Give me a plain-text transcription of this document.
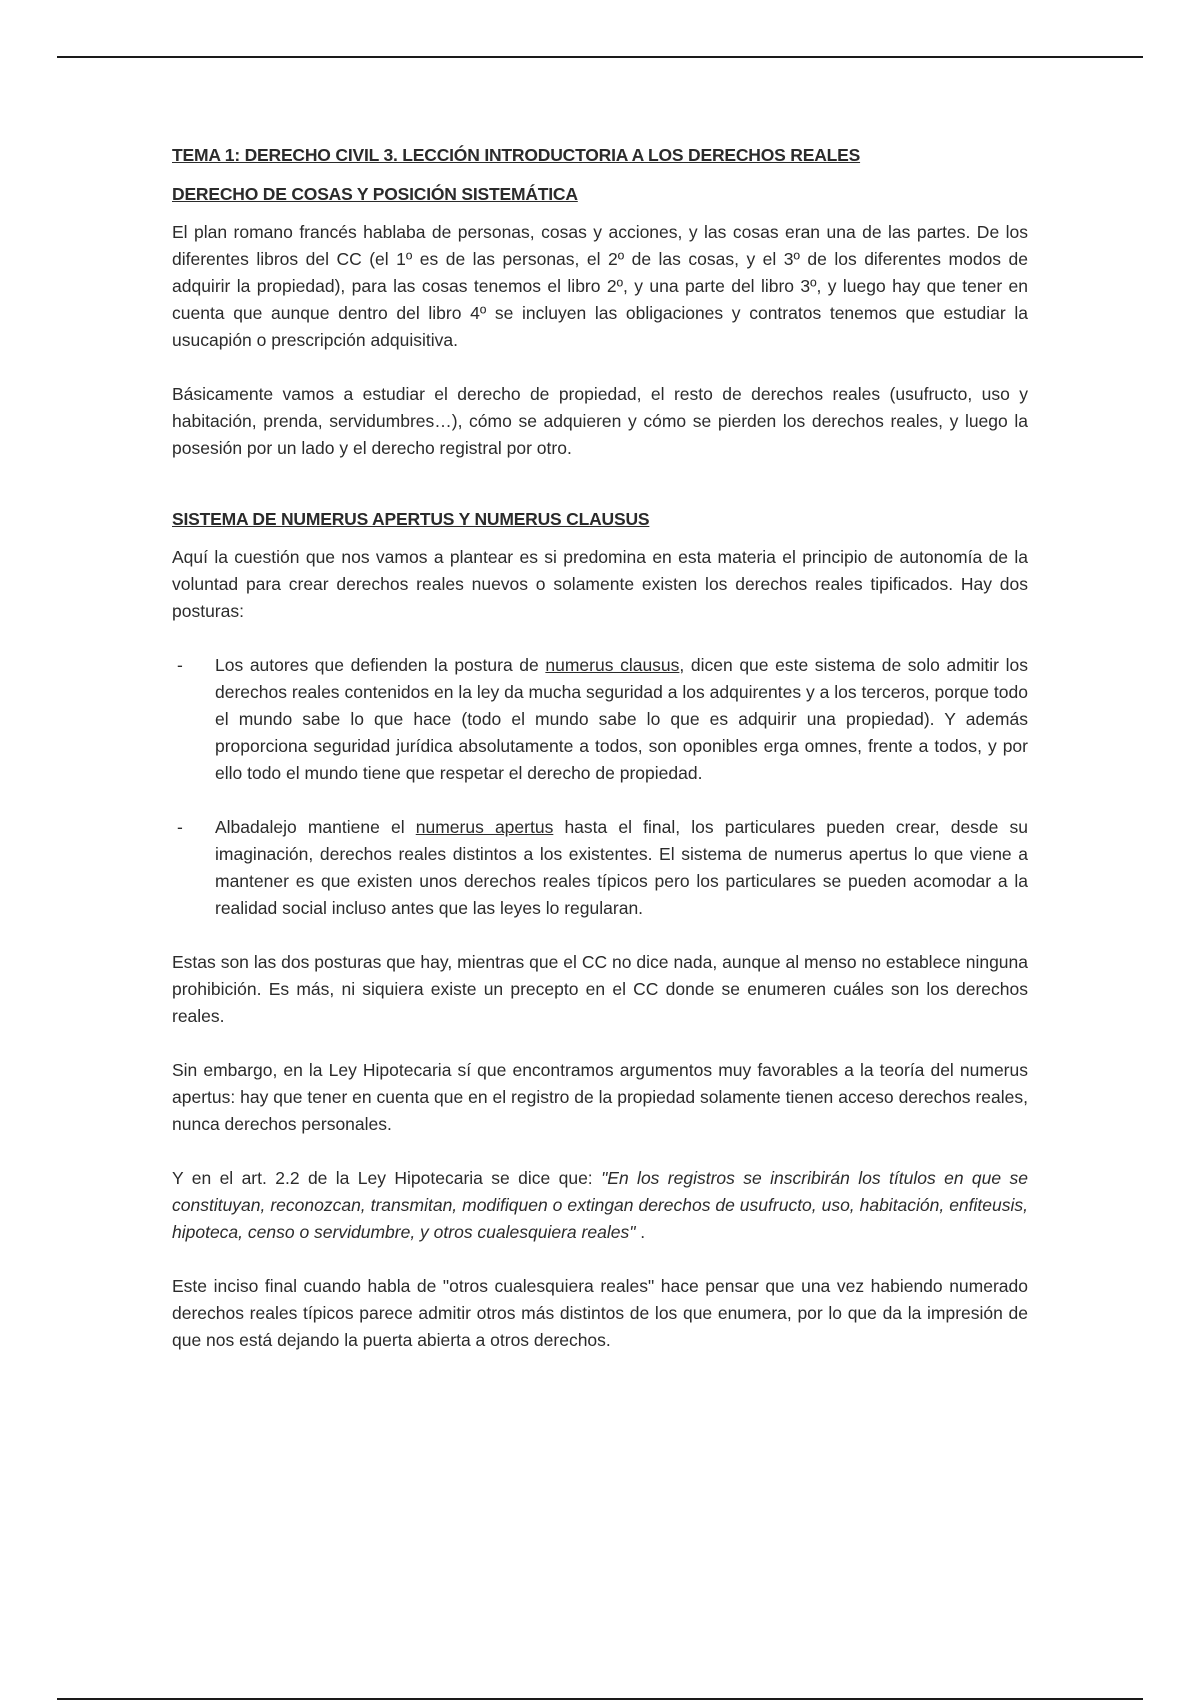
TEMA 1: DERECHO CIVIL 3. LECCIÓN INTRODUCTORIA A LOS DERECHOS REALES
DERECHO DE COSAS Y POSICIÓN SISTEMÁTICA

El plan romano francés hablaba de personas, cosas y acciones, y las cosas eran una de las partes. De los diferentes libros del CC (el 1º es de las personas, el 2º de las cosas, y el 3º de los diferentes modos de adquirir la propiedad), para las cosas tenemos el libro 2º, y una parte del libro 3º, y luego hay que tener en cuenta que aunque dentro del libro 4º se incluyen las obligaciones y contratos tenemos que estudiar la usucapión o prescripción adquisitiva.

Básicamente vamos a estudiar el derecho de propiedad, el resto de derechos reales (usufructo, uso y habitación, prenda, servidumbres…), cómo se adquieren y cómo se pierden los derechos reales, y luego la posesión por un lado y el derecho registral por otro.

SISTEMA DE NUMERUS APERTUS Y NUMERUS CLAUSUS

Aquí la cuestión que nos vamos a plantear es si predomina en esta materia el principio de autonomía de la voluntad para crear derechos reales nuevos o solamente existen los derechos reales tipificados. Hay dos posturas:

- Los autores que defienden la postura de numerus clausus, dicen que este sistema de solo admitir los derechos reales contenidos en la ley da mucha seguridad a los adquirentes y a los terceros, porque todo el mundo sabe lo que hace (todo el mundo sabe lo que es adquirir una propiedad). Y además proporciona seguridad jurídica absolutamente a todos, son oponibles erga omnes, frente a todos, y por ello todo el mundo tiene que respetar el derecho de propiedad.
- Albadalejo mantiene el numerus apertus hasta el final, los particulares pueden crear, desde su imaginación, derechos reales distintos a los existentes. El sistema de numerus apertus lo que viene a mantener es que existen unos derechos reales típicos pero los particulares se pueden acomodar a la realidad social incluso antes que las leyes lo regularan.

Estas son las dos posturas que hay, mientras que el CC no dice nada, aunque al menso no establece ninguna prohibición. Es más, ni siquiera existe un precepto en el CC donde se enumeren cuáles son los derechos reales.

Sin embargo, en la Ley Hipotecaria sí que encontramos argumentos muy favorables a la teoría del numerus apertus: hay que tener en cuenta que en el registro de la propiedad solamente tienen acceso derechos reales, nunca derechos personales.

Y en el art. 2.2 de la Ley Hipotecaria se dice que: "En los registros se inscribirán los títulos en que se constituyan, reconozcan, transmitan, modifiquen o extingan derechos de usufructo, uso, habitación, enfiteusis, hipoteca, censo o servidumbre, y otros cualesquiera reales" .

Este inciso final cuando habla de "otros cualesquiera reales" hace pensar que una vez habiendo numerado derechos reales típicos parece admitir otros más distintos de los que enumera, por lo que da la impresión de que nos está dejando la puerta abierta a otros derechos.
